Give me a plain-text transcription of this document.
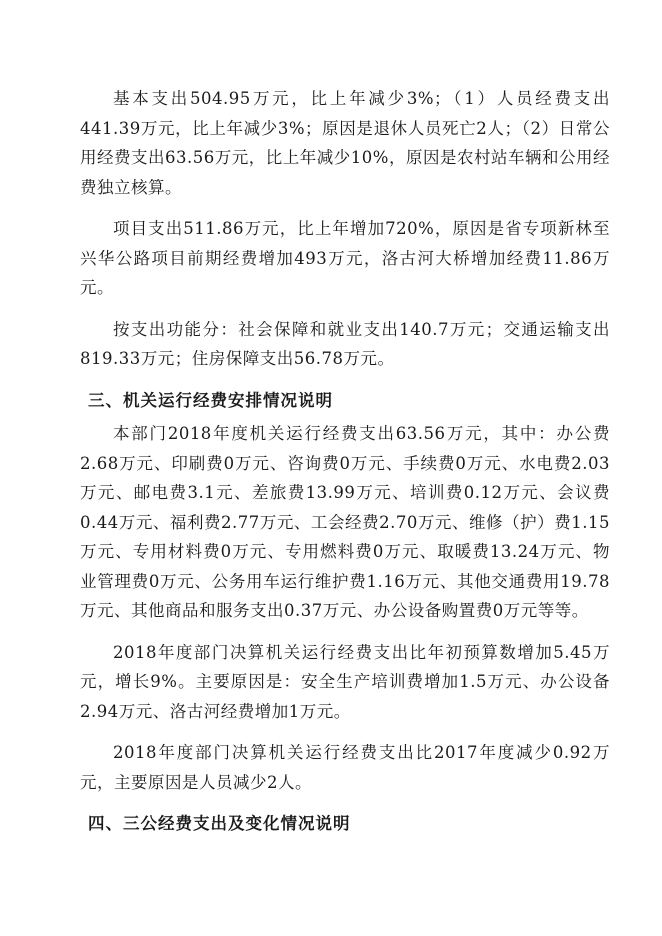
基本支出504.95万元，比上年减少3%；（1）人员经费支出441.39万元，比上年减少3%；原因是退休人员死亡2人；（2）日常公用经费支出63.56万元，比上年减少10%，原因是农村站车辆和公用经费独立核算。

项目支出511.86万元，比上年增加720%，原因是省专项新林至兴华公路项目前期经费增加493万元，洛古河大桥增加经费11.86万元。

按支出功能分：社会保障和就业支出140.7万元；交通运输支出819.33万元；住房保障支出56.78万元。

三、机关运行经费安排情况说明

本部门2018年度机关运行经费支出63.56万元，其中：办公费2.68万元、印刷费0万元、咨询费0万元、手续费0万元、水电费2.03万元、邮电费3.1元、差旅费13.99万元、培训费0.12万元、会议费0.44万元、福利费2.77万元、工会经费2.70万元、维修（护）费1.15万元、专用材料费0万元、专用燃料费0万元、取暖费13.24万元、物业管理费0万元、公务用车运行维护费1.16万元、其他交通费用19.78万元、其他商品和服务支出0.37万元、办公设备购置费0万元等等。

2018年度部门决算机关运行经费支出比年初预算数增加5.45万元，增长9%。主要原因是：安全生产培训费增加1.5万元、办公设备2.94万元、洛古河经费增加1万元。

2018年度部门决算机关运行经费支出比2017年度减少0.92万元，主要原因是人员减少2人。

四、三公经费支出及变化情况说明
